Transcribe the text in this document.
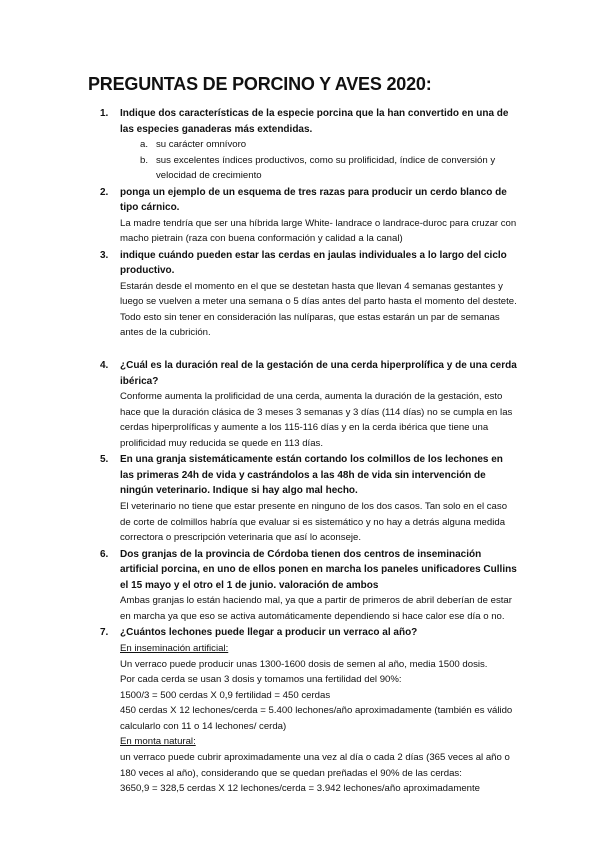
PREGUNTAS DE PORCINO Y AVES 2020:
1. Indique dos características de la especie porcina que la han convertido en una de las especies ganaderas más extendidas.
a. su carácter omnívoro
b. sus excelentes índices productivos, como su prolificidad, índice de conversión y velocidad de crecimiento
2. ponga un ejemplo de un esquema de tres razas para producir un cerdo blanco de tipo cárnico.
La madre tendría que ser una híbrida large White- landrace o landrace-duroc para cruzar con macho pietrain (raza con buena conformación y calidad a la canal)
3. indique cuándo pueden estar las cerdas en jaulas individuales a lo largo del ciclo productivo.
Estarán desde el momento en el que se destetan hasta que llevan 4 semanas gestantes y luego se vuelven a meter una semana o 5 días antes del parto hasta el momento del destete.
Todo esto sin tener en consideración las nulíparas, que estas estarán un par de semanas antes de la cubrición.
4. ¿Cuál es la duración real de la gestación de una cerda hiperprolífica y de una cerda ibérica?
Conforme aumenta la prolificidad de una cerda, aumenta la duración de la gestación, esto hace que la duración clásica de 3 meses 3 semanas y 3 días (114 días) no se cumpla en las cerdas hiperprolíficas y aumente a los 115-116 días y en la cerda ibérica que tiene una prolificidad muy reducida se quede en 113 días.
5. En una granja sistemáticamente están cortando los colmillos de los lechones en las primeras 24h de vida y castrándolos a las 48h de vida sin intervención de ningún veterinario. Indique si hay algo mal hecho.
El veterinario no tiene que estar presente en ninguno de los dos casos. Tan solo en el caso de corte de colmillos habría que evaluar si es sistemático y no hay a detrás alguna medida correctora o prescripción veterinaria que así lo aconseje.
6. Dos granjas de la provincia de Córdoba tienen dos centros de inseminación artificial porcina, en uno de ellos ponen en marcha los paneles unificadores Cullins el 15 mayo y el otro el 1 de junio. valoración de ambos
Ambas granjas lo están haciendo mal, ya que a partir de primeros de abril deberían de estar en marcha ya que eso se activa automáticamente dependiendo si hace calor ese día o no.
7. ¿Cuántos lechones puede llegar a producir un verraco al año?
En inseminación artificial:
Un verraco puede producir unas 1300-1600 dosis de semen al año, media 1500 dosis.
Por cada cerda se usan 3 dosis y tomamos una fertilidad del 90%:
1500/3 = 500 cerdas X 0,9 fertilidad = 450 cerdas
450 cerdas X 12 lechones/cerda = 5.400 lechones/año aproximadamente (también es válido calcularlo con 11 o 14 lechones/ cerda)
En monta natural:
un verraco puede cubrir aproximadamente una vez al día o cada 2 días (365 veces al año o 180 veces al año), considerando que se quedan preñadas el 90% de las cerdas:
3650,9 = 328,5 cerdas X 12 lechones/cerda = 3.942 lechones/año aproximadamente
